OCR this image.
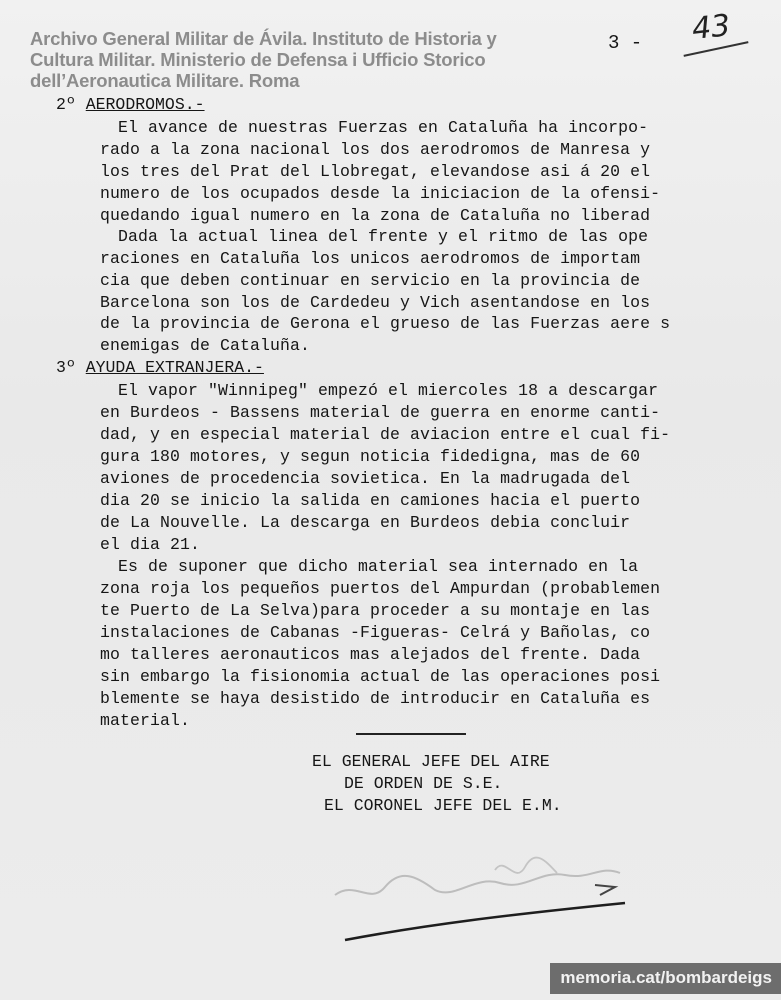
Archivo General Militar de Ávila. Instituto de Historia y
Cultura Militar. Ministerio de Defensa i Ufficio Storico
dell’Aeronautica Militare. Roma
3 - 43
2º AERODROMOS.-
El avance de nuestras Fuerzas en Cataluña ha incorpo-
rado a la zona nacional los dos aerodromos de Manresa y
los tres del Prat del Llobregat, elevandose asi á 20 el
numero de los ocupados desde la iniciacion de la ofensi-
quedando igual numero en la zona de Cataluña no liberad
Dada la actual linea del frente y el ritmo de las ope
raciones en Cataluña los unicos aerodromos de importam
cia que deben continuar en servicio en la provincia de
Barcelona son los de Cardedeu y Vich asentandose en los
de la provincia de Gerona el grueso de las Fuerzas aere s
enemigas de Cataluña.
3º AYUDA EXTRANJERA.-
El vapor "Winnipeg" empezó el miercoles 18 a descargar
en Burdeos - Bassens material de guerra en enorme canti-
dad, y en especial material de aviacion entre el cual fi-
gura 180 motores, y segun noticia fidedigna, mas de 60
aviones de procedencia sovietica. En la madrugada del
dia 20 se inicio la salida en camiones hacia el puerto
de La Nouvelle. La descarga en Burdeos debia concluir
el dia 21.
Es de suponer que dicho material sea internado en la
zona roja los pequeños puertos del Ampurdan (probablemen
te Puerto de La Selva)para proceder a su montaje en las
instalaciones de Cabanas -Figueras- Celrá y Bañolas, co
mo talleres aeronauticos mas alejados del frente. Dada
sin embargo la fisionomia actual de las operaciones posi
blemente se haya desistido de introducir en Cataluña es
material.
EL GENERAL JEFE DEL AIRE
DE ORDEN DE S.E.
EL CORONEL JEFE DEL E.M.
memoria.cat/bombardeigs
